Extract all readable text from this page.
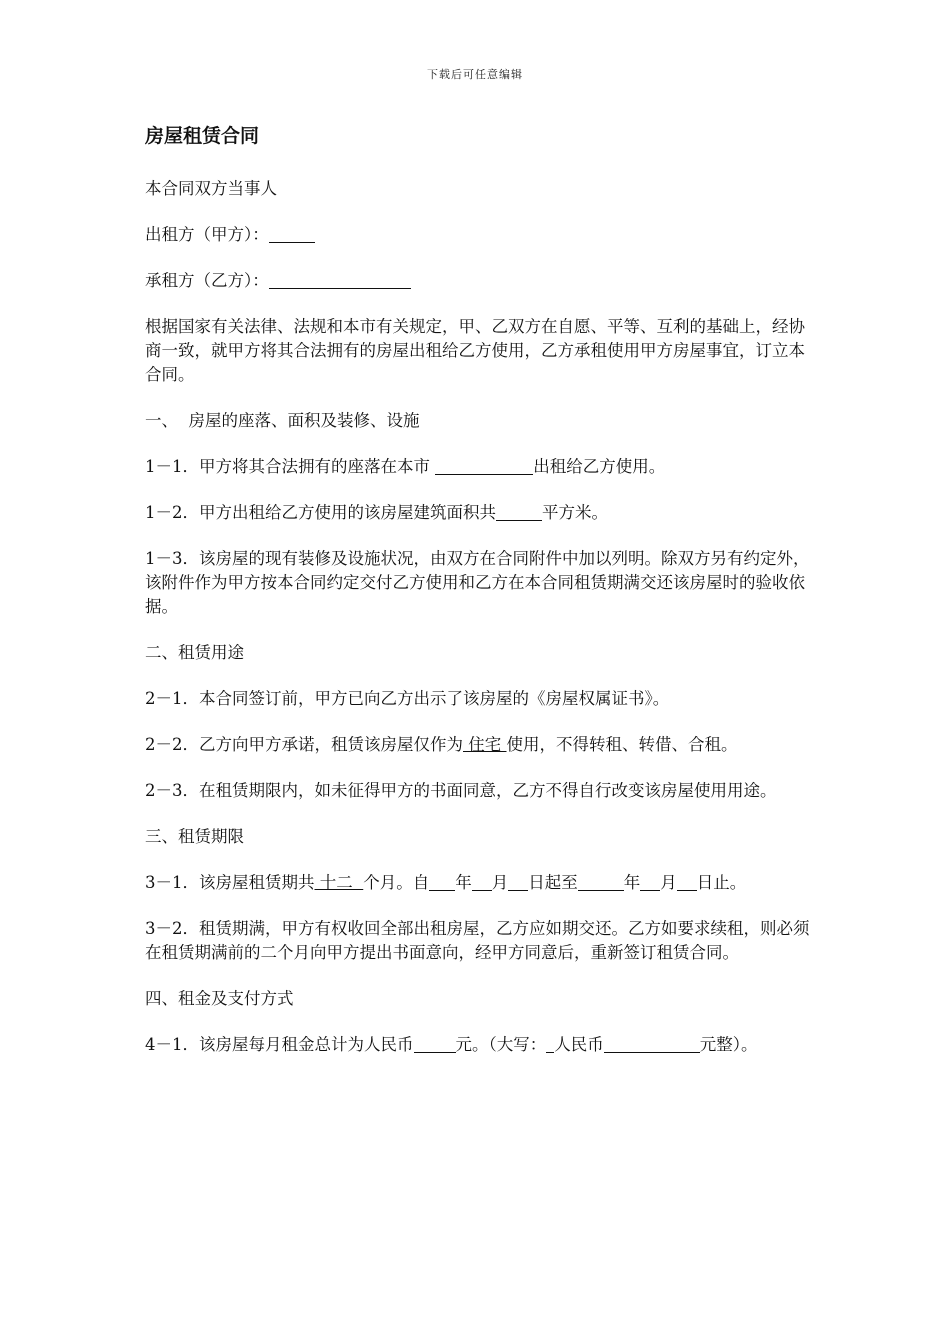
下载后可任意编辑
房屋租赁合同

本合同双方当事人

出租方（甲方）：

承租方（乙方）：

根据国家有关法律、法规和本市有关规定，甲、乙双方在自愿、平等、互利的基础上，经协商一致，就甲方将其合法拥有的房屋出租给乙方使用，乙方承租使用甲方房屋事宜，订立本合同。

一、  房屋的座落、面积及装修、设施

1－1．甲方将其合法拥有的座落在本市	出租给乙方使用。

1－2．甲方出租给乙方使用的该房屋建筑面积共	平方米。

1－3．该房屋的现有装修及设施状况，由双方在合同附件中加以列明。除双方另有约定外，该附件作为甲方按本合同约定交付乙方使用和乙方在本合同租赁期满交还该房屋时的验收依据。

二、租赁用途

2－1．本合同签订前，甲方已向乙方出示了该房屋的《房屋权属证书》。

2－2．乙方向甲方承诺，租赁该房屋仅作为 住宅 使用，不得转租、转借、合租。

2－3．在租赁期限内，如未征得甲方的书面同意，乙方不得自行改变该房屋使用用途。

三、租赁期限

3－1．该房屋租赁期共 十二  个月。自 年 月 日起至	年 月 日止。

3－2．租赁期满，甲方有权收回全部出租房屋，乙方应如期交还。乙方如要求续租，则必须在租赁期满前的二个月向甲方提出书面意向，经甲方同意后，重新签订租赁合同。

四、租金及支付方式

4－1．该房屋每月租金总计为人民币	元。（大写： 人民币	元整）。
